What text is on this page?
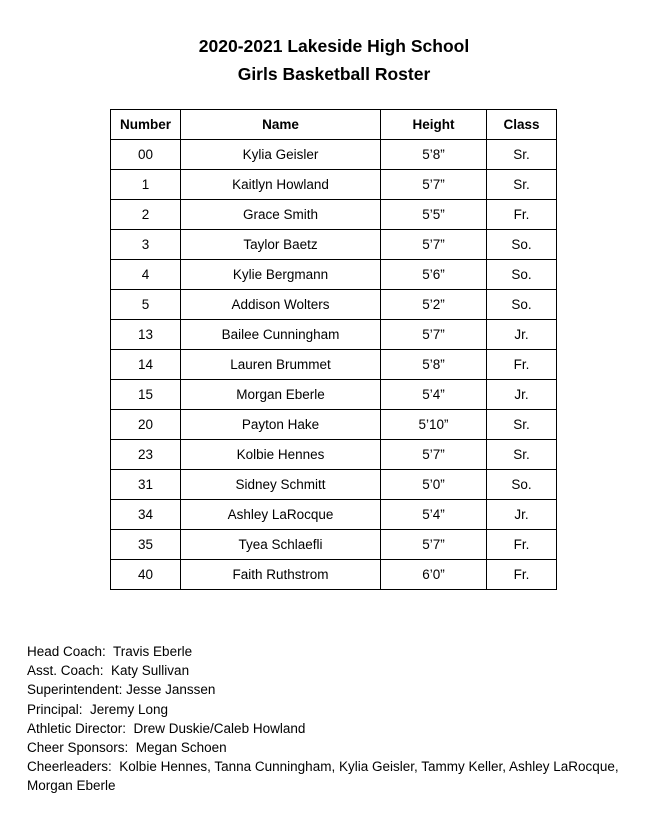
2020-2021 Lakeside High School
Girls Basketball Roster
Number	Name	Height	Class
00	Kylia Geisler	5’8”	Sr.
1	Kaitlyn Howland	5’7”	Sr.
2	Grace Smith	5’5”	Fr.
3	Taylor Baetz	5’7”	So.
4	Kylie Bergmann	5’6”	So.
5	Addison Wolters	5’2”	So.
13	Bailee Cunningham	5’7”	Jr.
14	Lauren Brummet	5’8”	Fr.
15	Morgan Eberle	5’4”	Jr.
20	Payton Hake	5’10”	Sr.
23	Kolbie Hennes	5’7”	Sr.
31	Sidney Schmitt	5’0”	So.
34	Ashley LaRocque	5’4”	Jr.
35	Tyea Schlaefli	5’7”	Fr.
40	Faith Ruthstrom	6’0”	Fr.
Head Coach:  Travis Eberle
Asst. Coach:  Katy Sullivan
Superintendent: Jesse Janssen
Principal:  Jeremy Long
Athletic Director:  Drew Duskie/Caleb Howland
Cheer Sponsors:  Megan Schoen
Cheerleaders:  Kolbie Hennes, Tanna Cunningham, Kylia Geisler, Tammy Keller, Ashley LaRocque, Morgan Eberle
